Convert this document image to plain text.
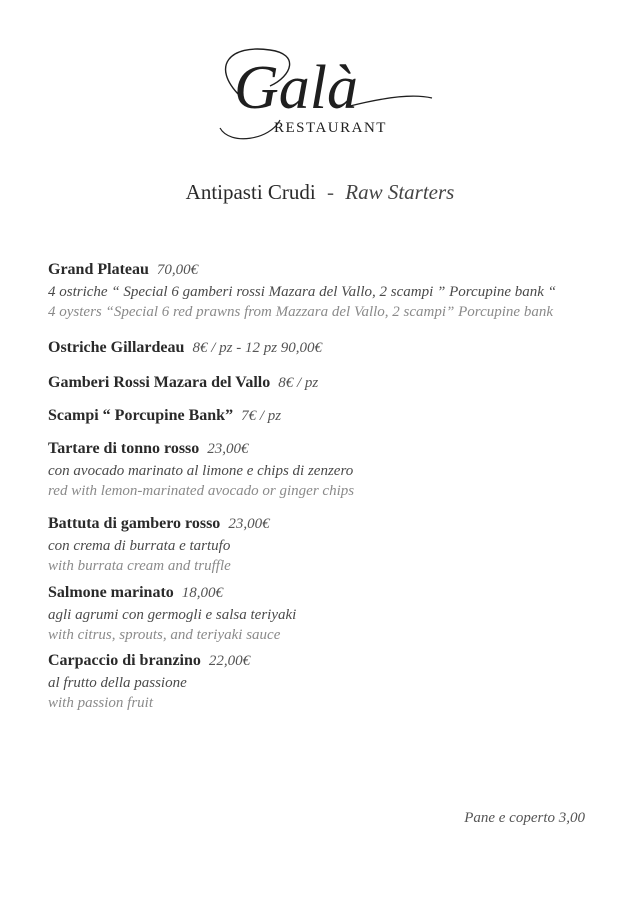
Galà
RESTAURANT
Antipasti Crudi - Raw Starters
Grand Plateau 70,00€
4 ostriche “ Special 6 gamberi rossi Mazara del Vallo, 2 scampi ” Porcupine bank “
4 oysters “Special 6 red prawns from Mazzara del Vallo, 2 scampi” Porcupine bank
Ostriche Gillardeau 8€ / pz - 12 pz 90,00€
Gamberi Rossi Mazara del Vallo 8€ / pz
Scampi “ Porcupine Bank” 7€ / pz
Tartare di tonno rosso 23,00€
con avocado marinato al limone e chips di zenzero
red with lemon-marinated avocado or ginger chips
Battuta di gambero rosso 23,00€
con crema di burrata e tartufo
with burrata cream and truffle
Salmone marinato 18,00€
agli agrumi con germogli e salsa teriyaki
with citrus, sprouts, and teriyaki sauce
Carpaccio di branzino 22,00€
al frutto della passione
with passion fruit
Pane e coperto 3,00
